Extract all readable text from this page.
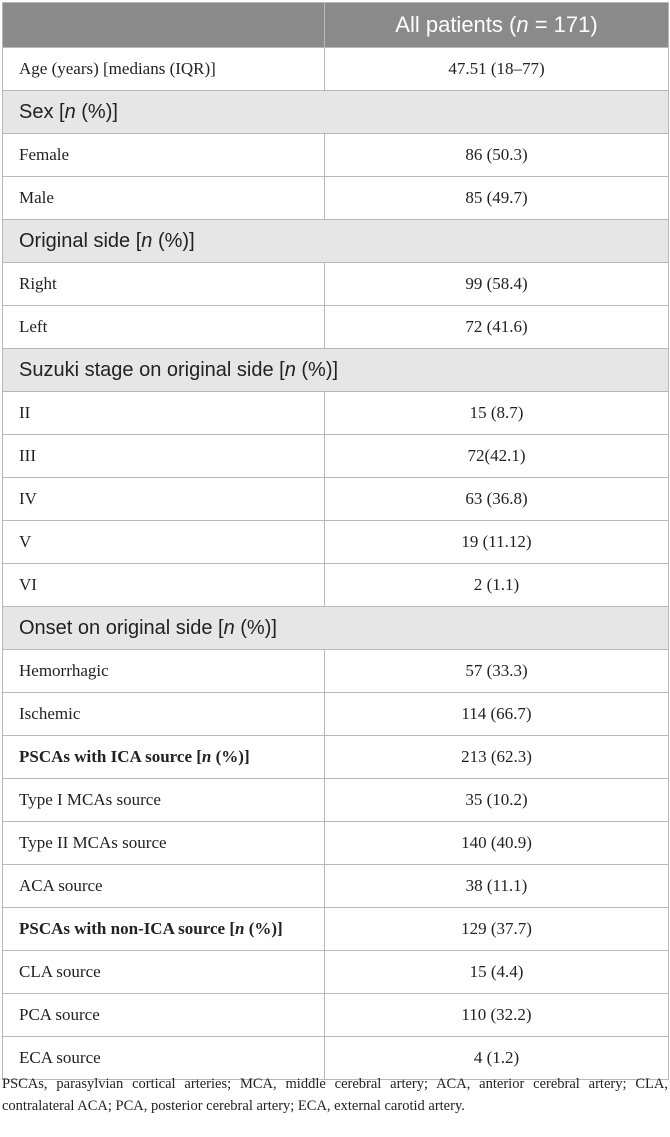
	All patients (n = 171)
Age (years) [medians (IQR)]	47.51 (18–77)
Sex [n (%)]	
Female	86 (50.3)
Male	85 (49.7)
Original side [n (%)]	
Right	99 (58.4)
Left	72 (41.6)
Suzuki stage on original side [n (%)]	
II	15 (8.7)
III	72(42.1)
IV	63 (36.8)
V	19 (11.12)
VI	2 (1.1)
Onset on original side [n (%)]	
Hemorrhagic	57 (33.3)
Ischemic	114 (66.7)
PSCAs with ICA source [n (%)]	213 (62.3)
Type I MCAs source	35 (10.2)
Type II MCAs source	140 (40.9)
ACA source	38 (11.1)
PSCAs with non-ICA source [n (%)]	129 (37.7)
CLA source	15 (4.4)
PCA source	110 (32.2)
ECA source	4 (1.2)
PSCAs, parasylvian cortical arteries; MCA, middle cerebral artery; ACA, anterior cerebral artery; CLA, contralateral ACA; PCA, posterior cerebral artery; ECA, external carotid artery.
